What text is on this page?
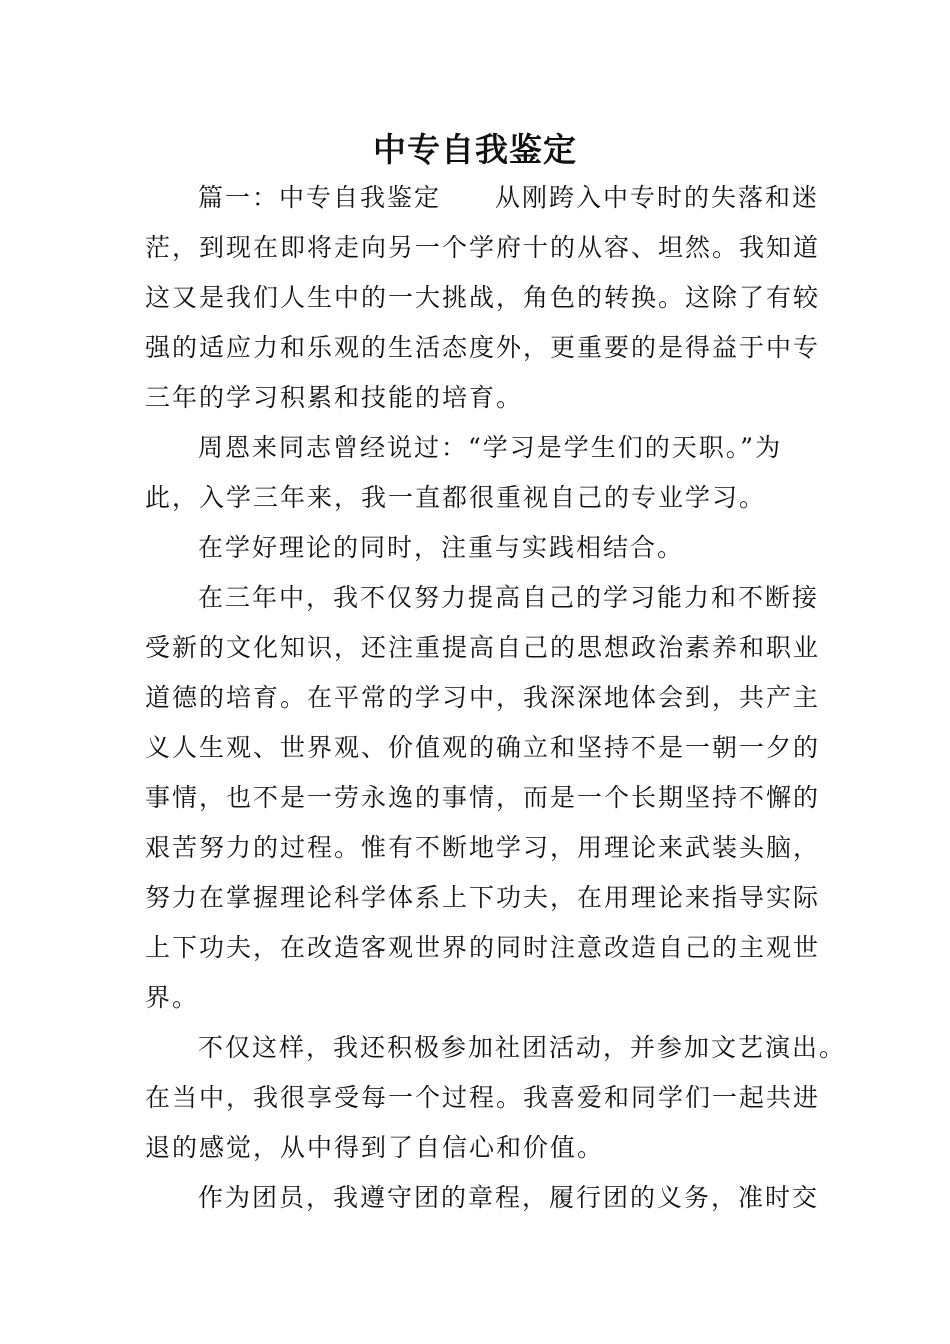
中专自我鉴定
篇一：中专自我鉴定　　从刚跨入中专时的失落和迷
茫，到现在即将走向另一个学府十的从容、坦然。我知道
这又是我们人生中的一大挑战，角色的转换。这除了有较
强的适应力和乐观的生活态度外，更重要的是得益于中专
三年的学习积累和技能的培育。
周恩来同志曾经说过：“学习是学生们的天职。”为
此，入学三年来，我一直都很重视自己的专业学习。
在学好理论的同时，注重与实践相结合。
在三年中，我不仅努力提高自己的学习能力和不断接
受新的文化知识，还注重提高自己的思想政治素养和职业
道德的培育。在平常的学习中，我深深地体会到，共产主
义人生观、世界观、价值观的确立和坚持不是一朝一夕的
事情，也不是一劳永逸的事情，而是一个长期坚持不懈的
艰苦努力的过程。惟有不断地学习，用理论来武装头脑，
努力在掌握理论科学体系上下功夫，在用理论来指导实际
上下功夫，在改造客观世界的同时注意改造自己的主观世
界。
不仅这样，我还积极参加社团活动，并参加文艺演出。
在当中，我很享受每一个过程。我喜爱和同学们一起共进
退的感觉，从中得到了自信心和价值。
作为团员，我遵守团的章程，履行团的义务，准时交
